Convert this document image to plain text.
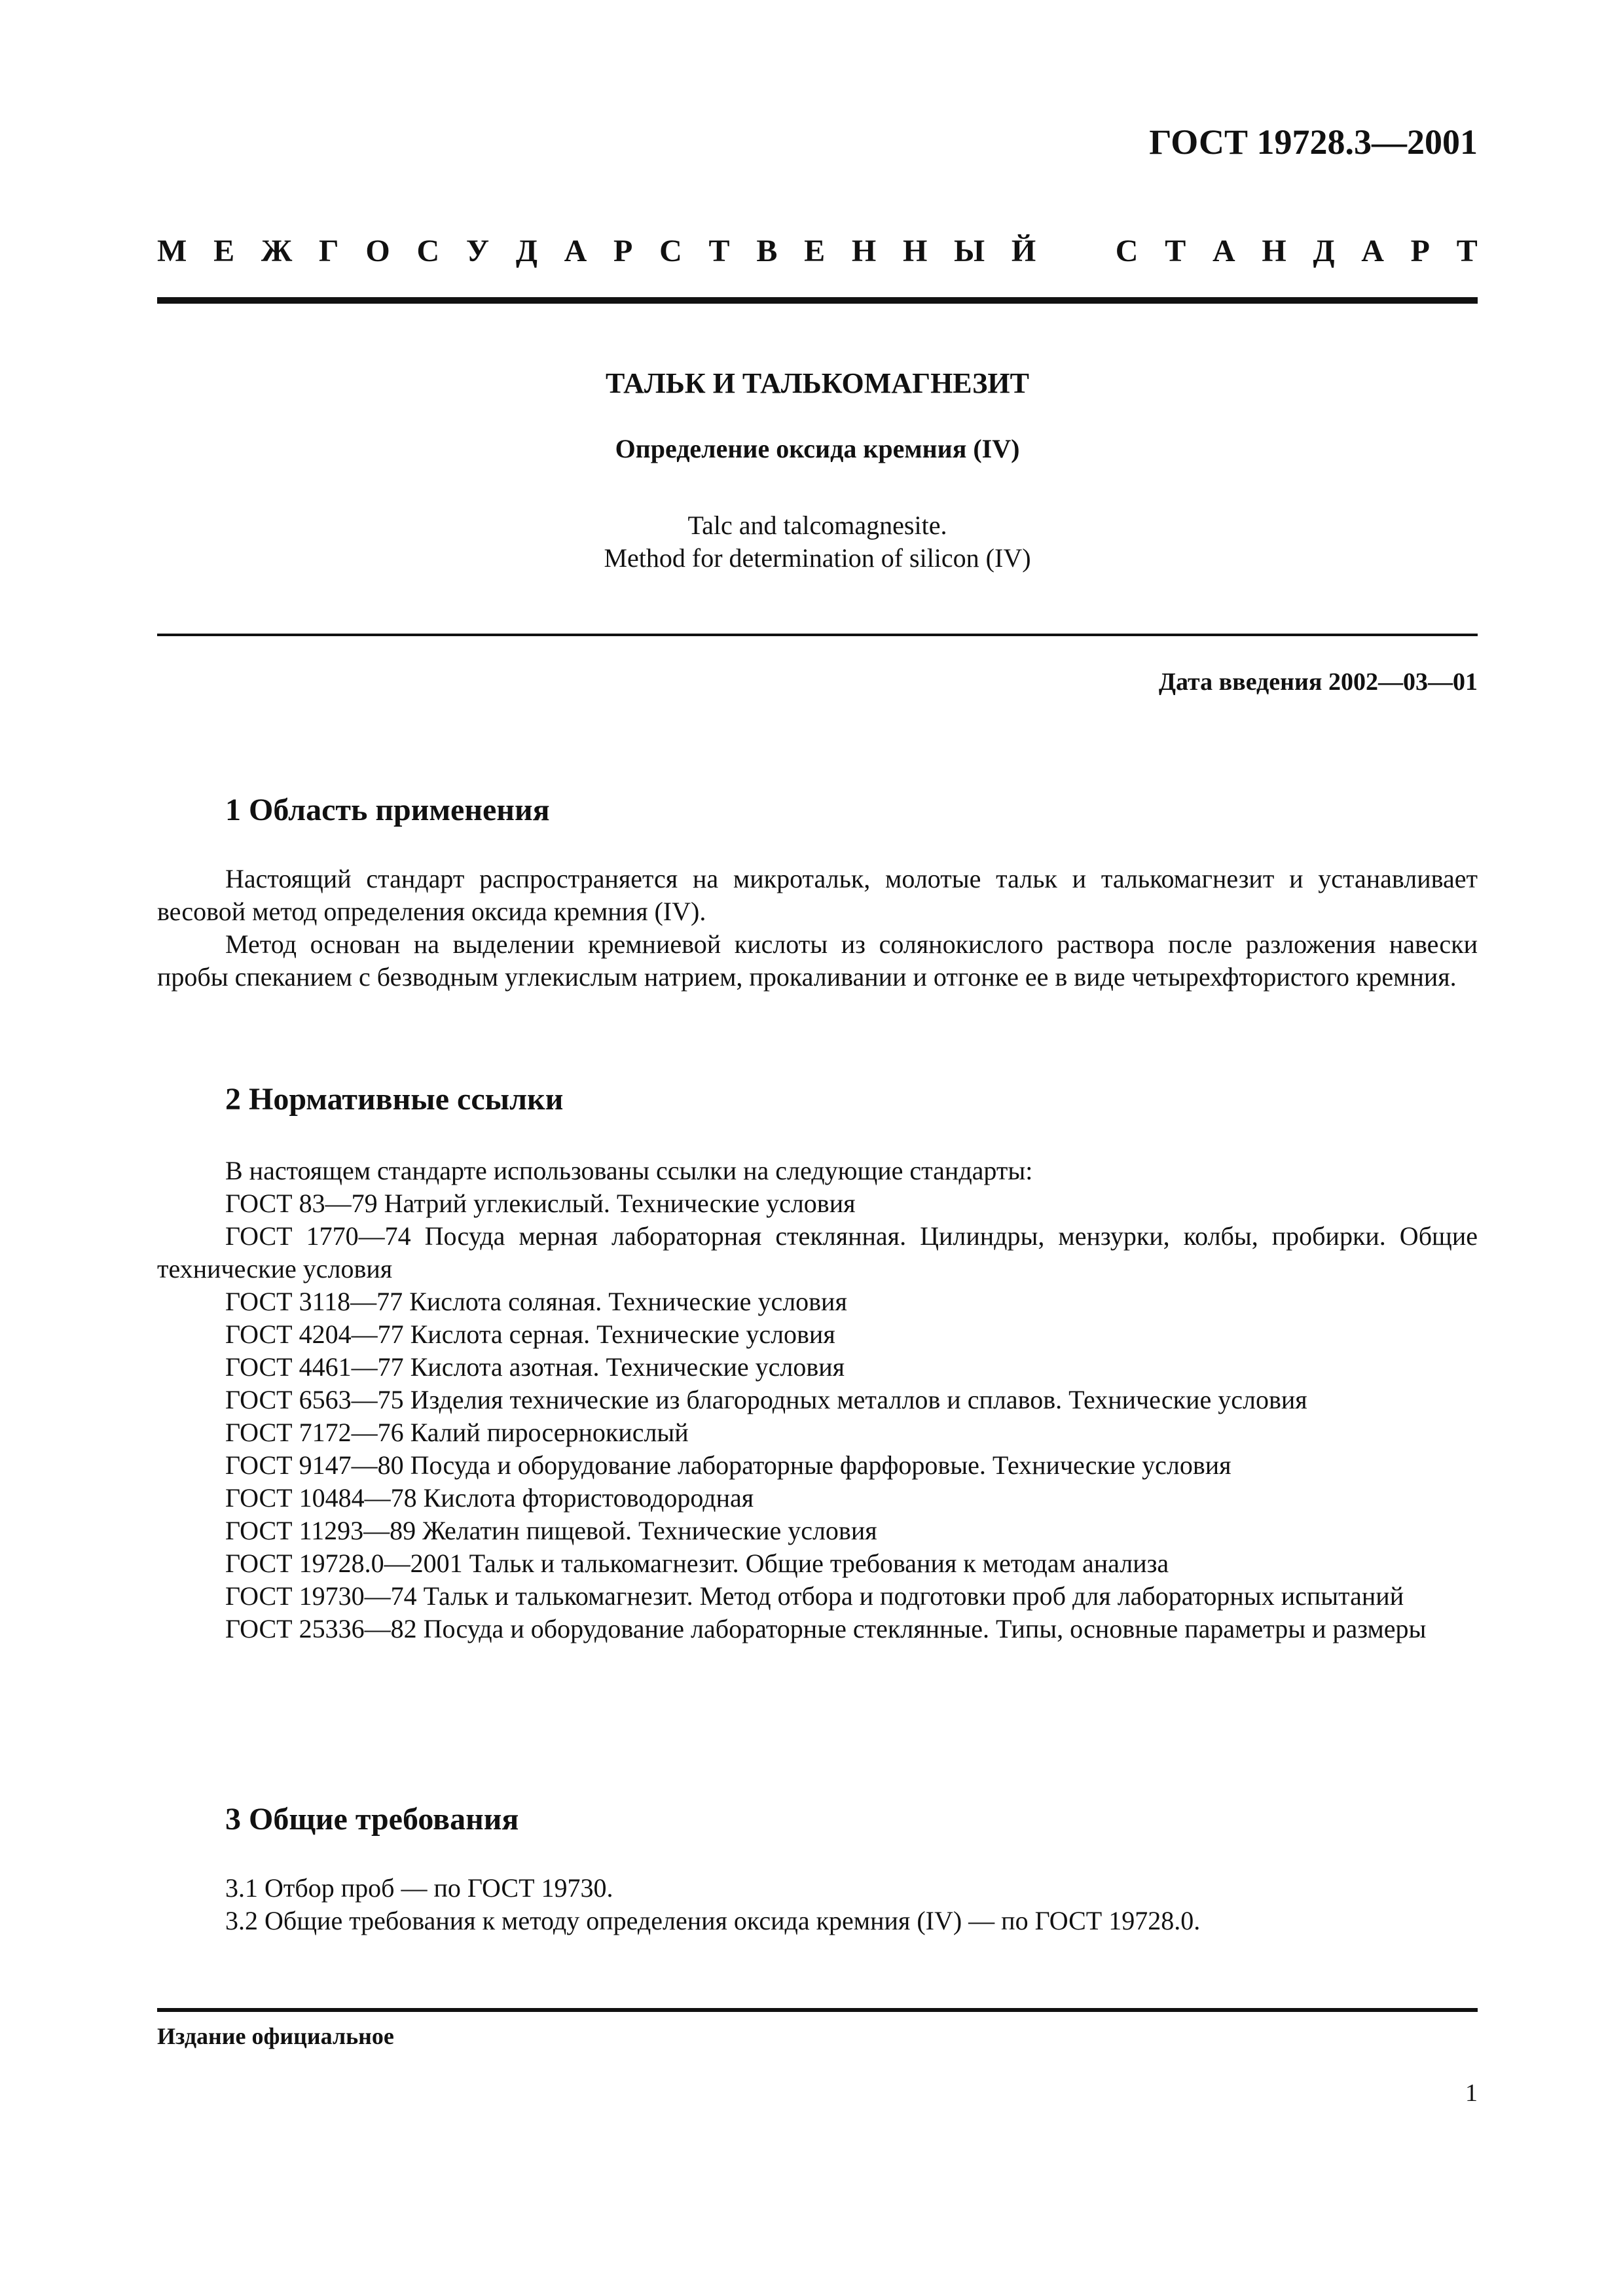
ГОСТ 19728.3—2001
М Е Ж Г О С У Д А Р С Т В Е Н Н Ы Й	С Т А Н Д А Р Т
ТАЛЬК И ТАЛЬКОМАГНЕЗИТ
Определение оксида кремния (IV)
Talc and talcomagnesite.
Method for determination of silicon (IV)
Дата введения 2002—03—01
1 Область применения

Настоящий стандарт распространяется на микротальк, молотые тальк и талькомагнезит и устанавливает весовой метод определения оксида кремния (IV).

Метод основан на выделении кремниевой кислоты из солянокислого раствора после разложения навески пробы спеканием с безводным углекислым натрием, прокаливании и отгонке ее в виде четырехфтористого кремния.

2 Нормативные ссылки

В настоящем стандарте использованы ссылки на следующие стандарты:

ГОСТ 83—79 Натрий углекислый. Технические условия

ГОСТ 1770—74 Посуда мерная лабораторная стеклянная. Цилиндры, мензурки, колбы, пробирки. Общие технические условия

ГОСТ 3118—77 Кислота соляная. Технические условия

ГОСТ 4204—77 Кислота серная. Технические условия

ГОСТ 4461—77 Кислота азотная. Технические условия

ГОСТ 6563—75 Изделия технические из благородных металлов и сплавов. Технические условия

ГОСТ 7172—76 Калий пиросернокислый

ГОСТ 9147—80 Посуда и оборудование лабораторные фарфоровые. Технические условия

ГОСТ 10484—78 Кислота фтористоводородная

ГОСТ 11293—89 Желатин пищевой. Технические условия

ГОСТ 19728.0—2001 Тальк и талькомагнезит. Общие требования к методам анализа

ГОСТ 19730—74 Тальк и талькомагнезит. Метод отбора и подготовки проб для лабораторных испытаний

ГОСТ 25336—82 Посуда и оборудование лабораторные стеклянные. Типы, основные параметры и размеры

3 Общие требования

3.1 Отбор проб — по ГОСТ 19730.

3.2 Общие требования к методу определения оксида кремния (IV) — по ГОСТ 19728.0.

Издание официальное
1
